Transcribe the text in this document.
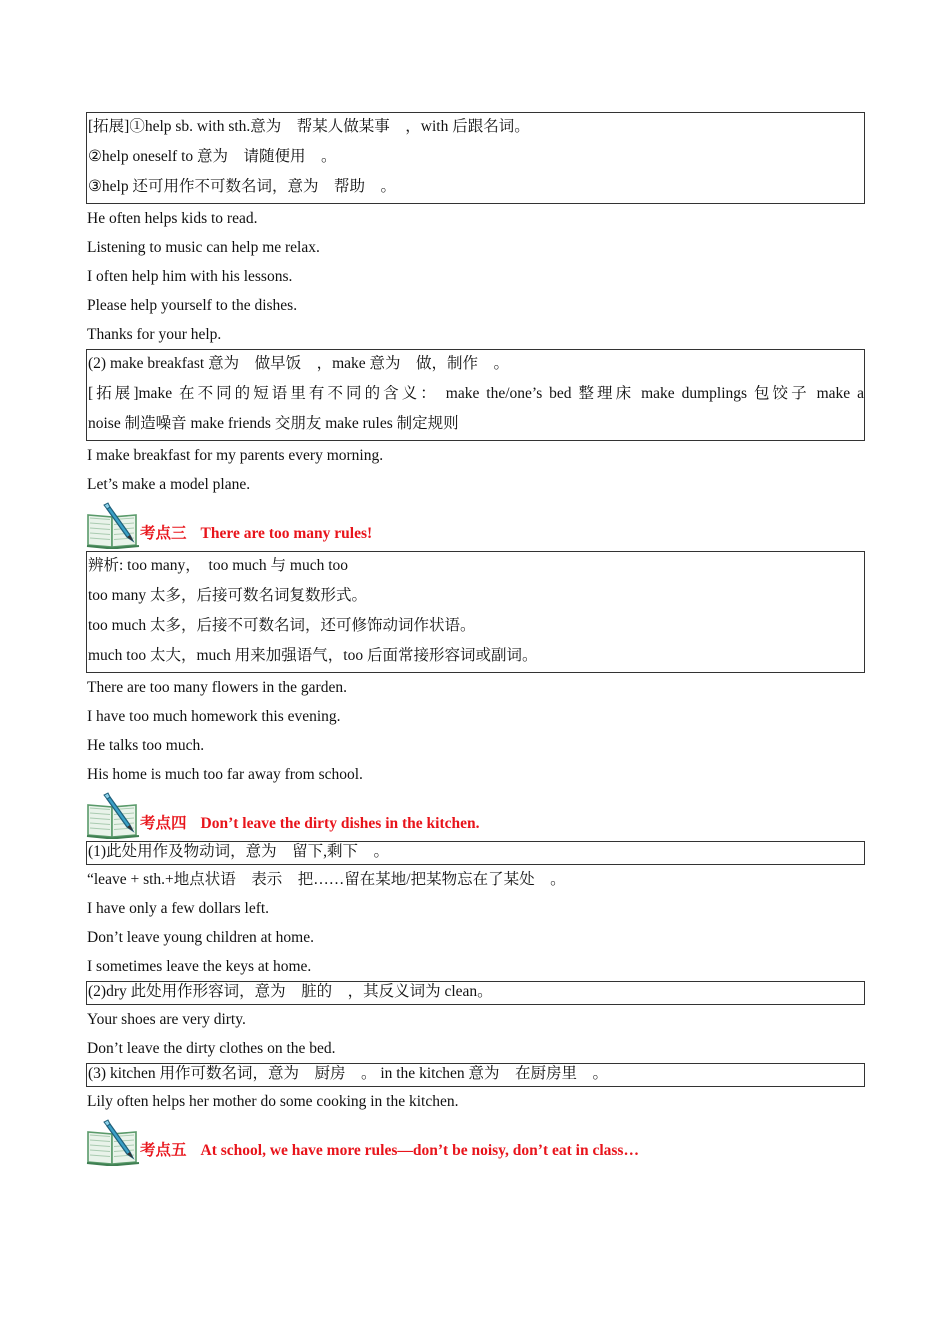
[拓展]①help sb. with sth.意为　帮某人做某事　，with 后跟名词。
②help oneself to 意为　请随便用　。
③help 还可用作不可数名词，意为　帮助　。
He often helps kids to read.
Listening to music can help me relax.
I often help him with his lessons.
Please help yourself to the dishes.
Thanks for your help.
(2) make breakfast 意为　做早饭　，make 意为　做，制作　。
[拓展]make 在不同的短语里有不同的含义： make the/one’s bed 整理床 make dumplings 包饺子 make a
noise 制造噪音 make friends 交朋友 make rules 制定规则
I make breakfast for my parents every morning.
Let’s make a model plane.
考点三 There are too many rules!
辨析: too many，　too much 与 much too
too many 太多，后接可数名词复数形式。
too much 太多，后接不可数名词，还可修饰动词作状语。
much too 太大，much 用来加强语气，too 后面常接形容词或副词。
There are too many flowers in the garden.
I have too much homework this evening.
He talks too much.
His home is much too far away from school.
考点四 Don’t leave the dirty dishes in the kitchen.
(1)此处用作及物动词，意为　留下,剩下　。
“leave + sth.+地点状语　表示　把……留在某地/把某物忘在了某处　。
I have only a few dollars left.
Don’t leave young children at home.
I sometimes leave the keys at home.
(2)dry 此处用作形容词，意为　脏的　，其反义词为 clean。
Your shoes are very dirty.
Don’t leave the dirty clothes on the bed.
(3) kitchen 用作可数名词，意为　厨房　。 in the kitchen 意为　在厨房里　。
Lily often helps her mother do some cooking in the kitchen.
考点五 At school, we have more rules—don’t be noisy, don’t eat in class…
